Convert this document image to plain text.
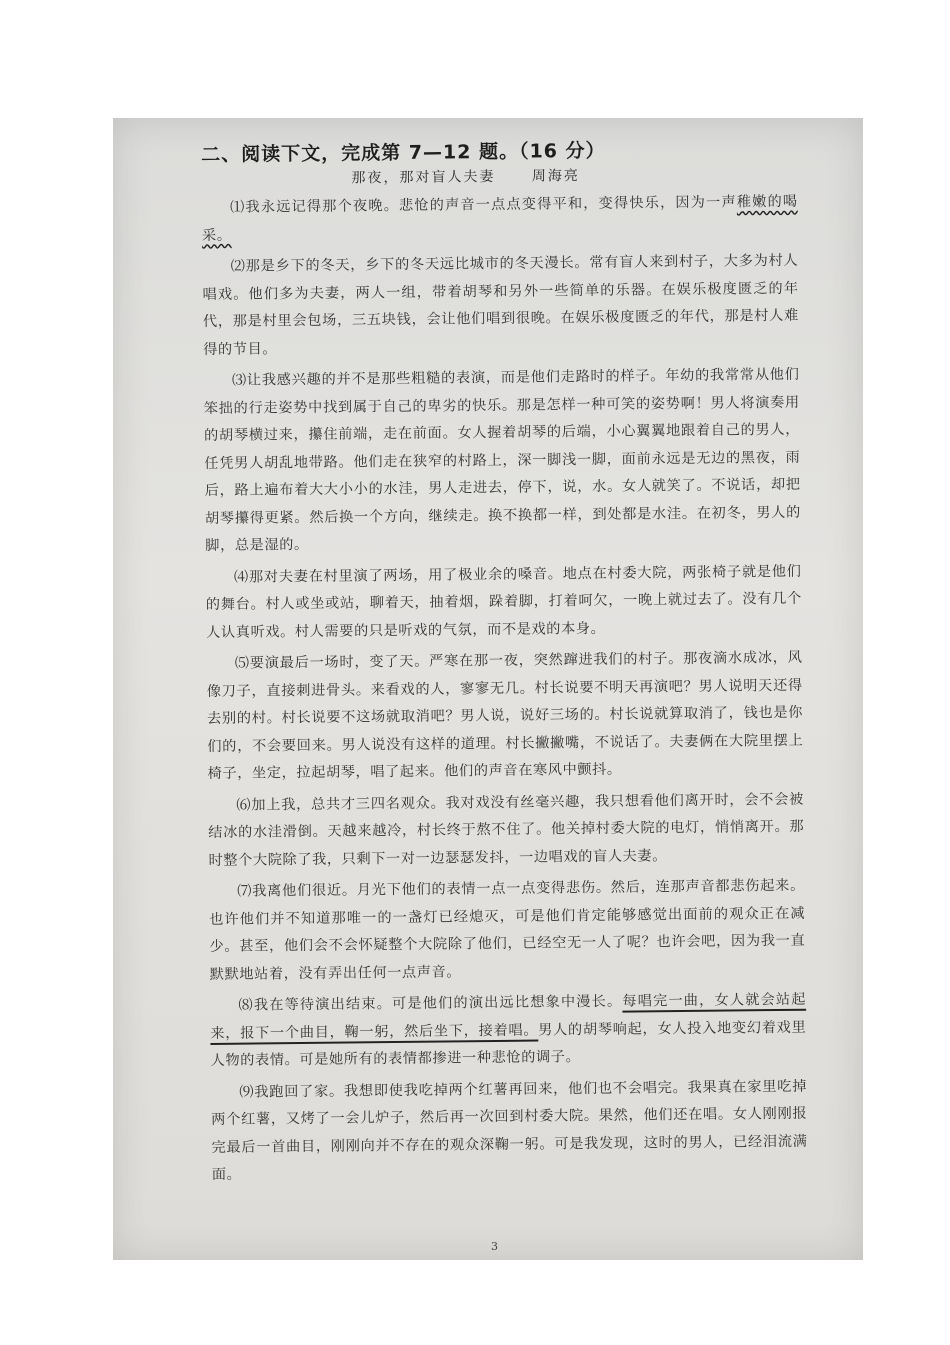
二、阅读下文，完成第 7—12 题。（16 分）
那夜，那对盲人夫妻	周海亮

⑴我永远记得那个夜晚。悲怆的声音一点点变得平和，变得快乐，因为一声稚嫩的喝采。

⑵那是乡下的冬天，乡下的冬天远比城市的冬天漫长。常有盲人来到村子，大多为村人唱戏。他们多为夫妻，两人一组，带着胡琴和另外一些简单的乐器。在娱乐极度匮乏的年代，那是村里会包场，三五块钱，会让他们唱到很晚。在娱乐极度匮乏的年代，那是村人难得的节目。

⑶让我感兴趣的并不是那些粗糙的表演，而是他们走路时的样子。年幼的我常常从他们笨拙的行走姿势中找到属于自己的卑劣的快乐。那是怎样一种可笑的姿势啊！男人将演奏用的胡琴横过来，攥住前端，走在前面。女人握着胡琴的后端，小心翼翼地跟着自己的男人，任凭男人胡乱地带路。他们走在狭窄的村路上，深一脚浅一脚，面前永远是无边的黑夜，雨后，路上遍布着大大小小的水洼，男人走进去，停下，说，水。女人就笑了。不说话，却把胡琴攥得更紧。然后换一个方向，继续走。换不换都一样，到处都是水洼。在初冬，男人的脚，总是湿的。

⑷那对夫妻在村里演了两场，用了极业余的嗓音。地点在村委大院，两张椅子就是他们的舞台。村人或坐或站，聊着天，抽着烟，跺着脚，打着呵欠，一晚上就过去了。没有几个人认真听戏。村人需要的只是听戏的气氛，而不是戏的本身。

⑸要演最后一场时，变了天。严寒在那一夜，突然蹿进我们的村子。那夜滴水成冰，风像刀子，直接刺进骨头。来看戏的人，寥寥无几。村长说要不明天再演吧？男人说明天还得去别的村。村长说要不这场就取消吧？男人说，说好三场的。村长说就算取消了，钱也是你们的，不会要回来。男人说没有这样的道理。村长撇撇嘴，不说话了。夫妻俩在大院里摆上椅子，坐定，拉起胡琴，唱了起来。他们的声音在寒风中颤抖。

⑹加上我，总共才三四名观众。我对戏没有丝毫兴趣，我只想看他们离开时，会不会被结冰的水洼滑倒。天越来越冷，村长终于熬不住了。他关掉村委大院的电灯，悄悄离开。那时整个大院除了我，只剩下一对一边瑟瑟发抖，一边唱戏的盲人夫妻。

⑺我离他们很近。月光下他们的表情一点一点变得悲伤。然后，连那声音都悲伤起来。也许他们并不知道那唯一的一盏灯已经熄灭，可是他们肯定能够感觉出面前的观众正在减少。甚至，他们会不会怀疑整个大院除了他们，已经空无一人了呢？也许会吧，因为我一直默默地站着，没有弄出任何一点声音。

⑻我在等待演出结束。可是他们的演出远比想象中漫长。每唱完一曲，女人就会站起来，报下一个曲目，鞠一躬，然后坐下，接着唱。男人的胡琴响起，女人投入地变幻着戏里人物的表情。可是她所有的表情都掺进一种悲怆的调子。

⑼我跑回了家。我想即使我吃掉两个红薯再回来，他们也不会唱完。我果真在家里吃掉两个红薯，又烤了一会儿炉子，然后再一次回到村委大院。果然，他们还在唱。女人刚刚报完最后一首曲目，刚刚向并不存在的观众深鞠一躬。可是我发现，这时的男人，已经泪流满面。

3
